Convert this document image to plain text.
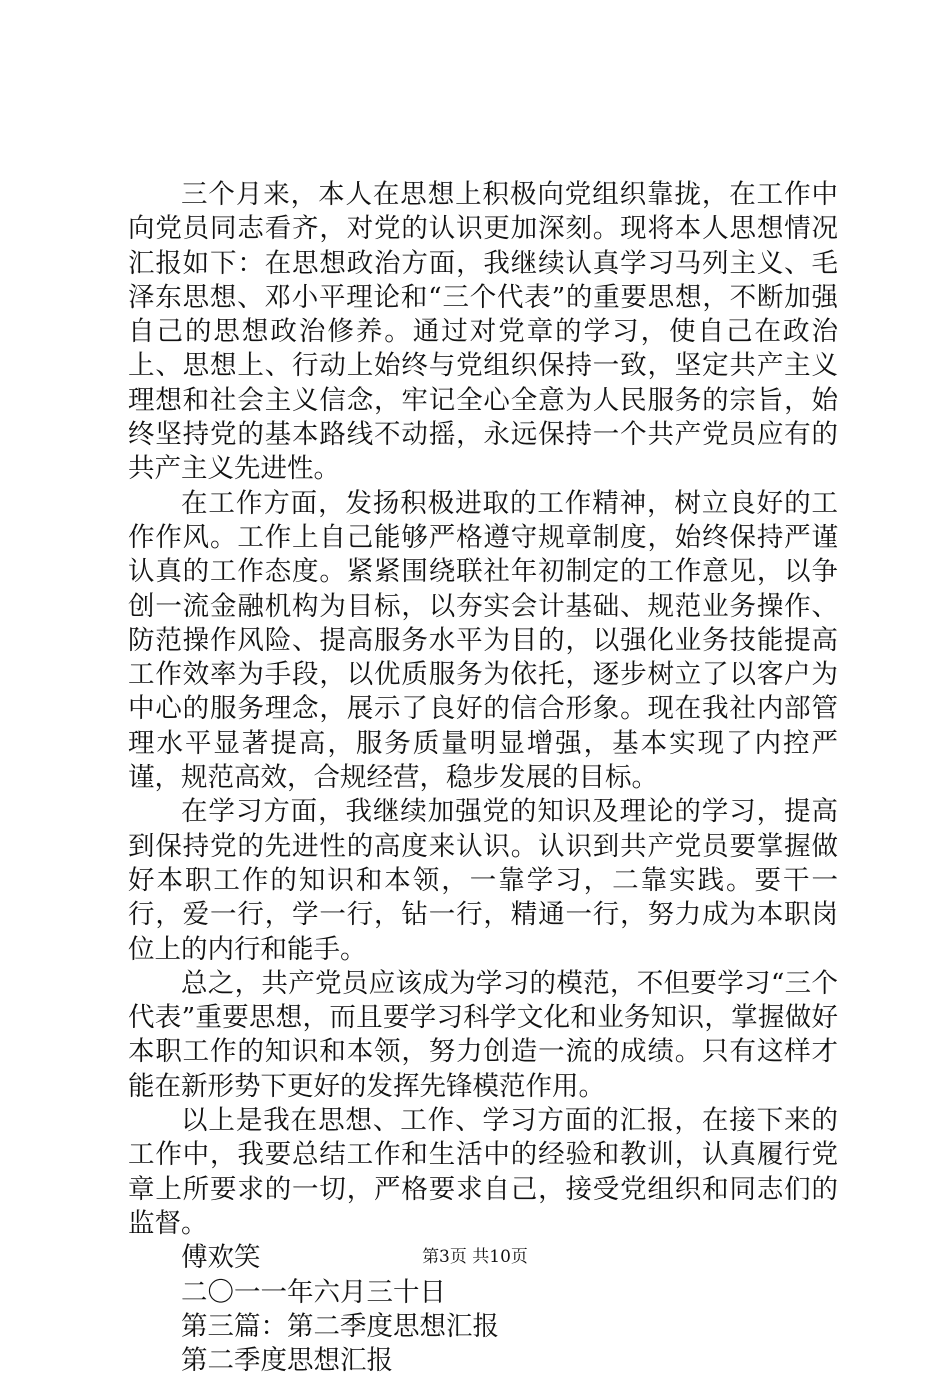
三个月来，本人在思想上积极向党组织靠拢，在工作中向党员同志看齐，对党的认识更加深刻。现将本人思想情况汇报如下：在思想政治方面，我继续认真学习马列主义、毛泽东思想、邓小平理论和“三个代表”的重要思想，不断加强自己的思想政治修养。通过对党章的学习，使自己在政治上、思想上、行动上始终与党组织保持一致，坚定共产主义理想和社会主义信念，牢记全心全意为人民服务的宗旨，始终坚持党的基本路线不动摇，永远保持一个共产党员应有的共产主义先进性。

在工作方面，发扬积极进取的工作精神，树立良好的工作作风。工作上自己能够严格遵守规章制度，始终保持严谨认真的工作态度。紧紧围绕联社年初制定的工作意见，以争创一流金融机构为目标，以夯实会计基础、规范业务操作、防范操作风险、提高服务水平为目的，以强化业务技能提高工作效率为手段，以优质服务为依托，逐步树立了以客户为中心的服务理念，展示了良好的信合形象。现在我社内部管理水平显著提高，服务质量明显增强，基本实现了内控严谨，规范高效，合规经营，稳步发展的目标。

在学习方面，我继续加强党的知识及理论的学习，提高到保持党的先进性的高度来认识。认识到共产党员要掌握做好本职工作的知识和本领，一靠学习，二靠实践。要干一行，爱一行，学一行，钻一行，精通一行，努力成为本职岗位上的内行和能手。

总之，共产党员应该成为学习的模范，不但要学习“三个代表”重要思想，而且要学习科学文化和业务知识，掌握做好本职工作的知识和本领，努力创造一流的成绩。只有这样才能在新形势下更好的发挥先锋模范作用。

以上是我在思想、工作、学习方面的汇报，在接下来的工作中，我要总结工作和生活中的经验和教训，认真履行党章上所要求的一切，严格要求自己，接受党组织和同志们的监督。

傅欢笑

二〇一一年六月三十日

第三篇：第二季度思想汇报

第二季度思想汇报

第3页 共10页
